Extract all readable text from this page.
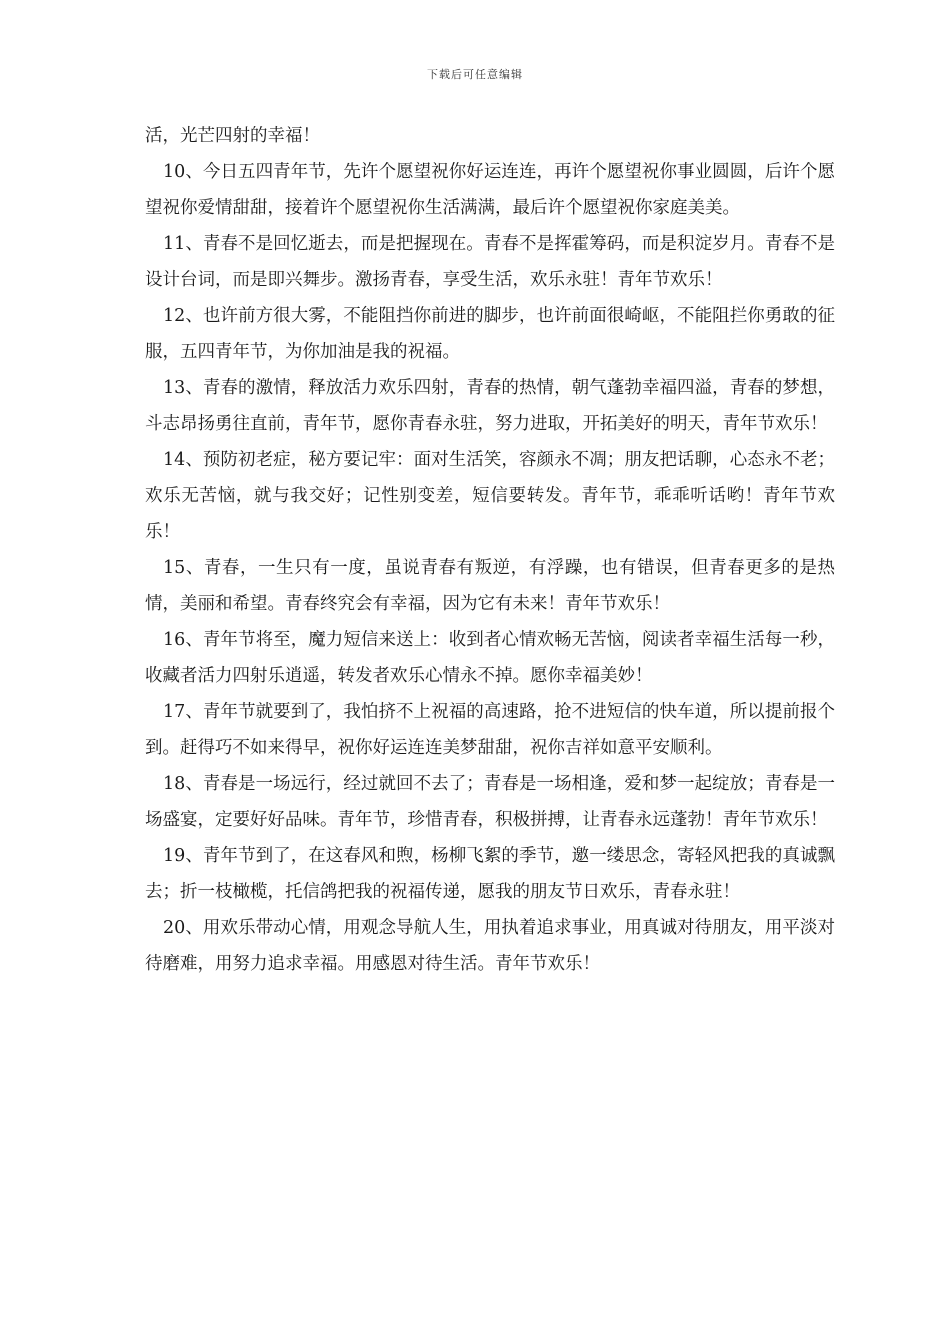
下载后可任意编辑

活，光芒四射的幸福！

10、今日五四青年节，先许个愿望祝你好运连连，再许个愿望祝你事业圆圆，后许个愿望祝你爱情甜甜，接着许个愿望祝你生活满满，最后许个愿望祝你家庭美美。

11、青春不是回忆逝去，而是把握现在。青春不是挥霍筹码，而是积淀岁月。青春不是设计台词，而是即兴舞步。激扬青春，享受生活，欢乐永驻！青年节欢乐！

12、也许前方很大雾，不能阻挡你前进的脚步，也许前面很崎岖，不能阻拦你勇敢的征服，五四青年节，为你加油是我的祝福。

13、青春的激情，释放活力欢乐四射，青春的热情，朝气蓬勃幸福四溢，青春的梦想，斗志昂扬勇往直前，青年节，愿你青春永驻，努力进取，开拓美好的明天，青年节欢乐！

14、预防初老症，秘方要记牢：面对生活笑，容颜永不凋；朋友把话聊，心态永不老；欢乐无苦恼，就与我交好；记性别变差，短信要转发。青年节，乖乖听话哟！青年节欢乐！

15、青春，一生只有一度，虽说青春有叛逆，有浮躁，也有错误，但青春更多的是热情，美丽和希望。青春终究会有幸福，因为它有未来！青年节欢乐！

16、青年节将至，魔力短信来送上：收到者心情欢畅无苦恼，阅读者幸福生活每一秒，收藏者活力四射乐逍遥，转发者欢乐心情永不掉。愿你幸福美妙！

17、青年节就要到了，我怕挤不上祝福的高速路，抢不进短信的快车道，所以提前报个到。赶得巧不如来得早，祝你好运连连美梦甜甜，祝你吉祥如意平安顺利。

18、青春是一场远行，经过就回不去了；青春是一场相逢，爱和梦一起绽放；青春是一场盛宴，定要好好品味。青年节，珍惜青春，积极拼搏，让青春永远蓬勃！青年节欢乐！

19、青年节到了，在这春风和煦，杨柳飞絮的季节，邀一缕思念，寄轻风把我的真诚飘去；折一枝橄榄，托信鸽把我的祝福传递，愿我的朋友节日欢乐，青春永驻！

20、用欢乐带动心情，用观念导航人生，用执着追求事业，用真诚对待朋友，用平淡对待磨难，用努力追求幸福。用感恩对待生活。青年节欢乐！
